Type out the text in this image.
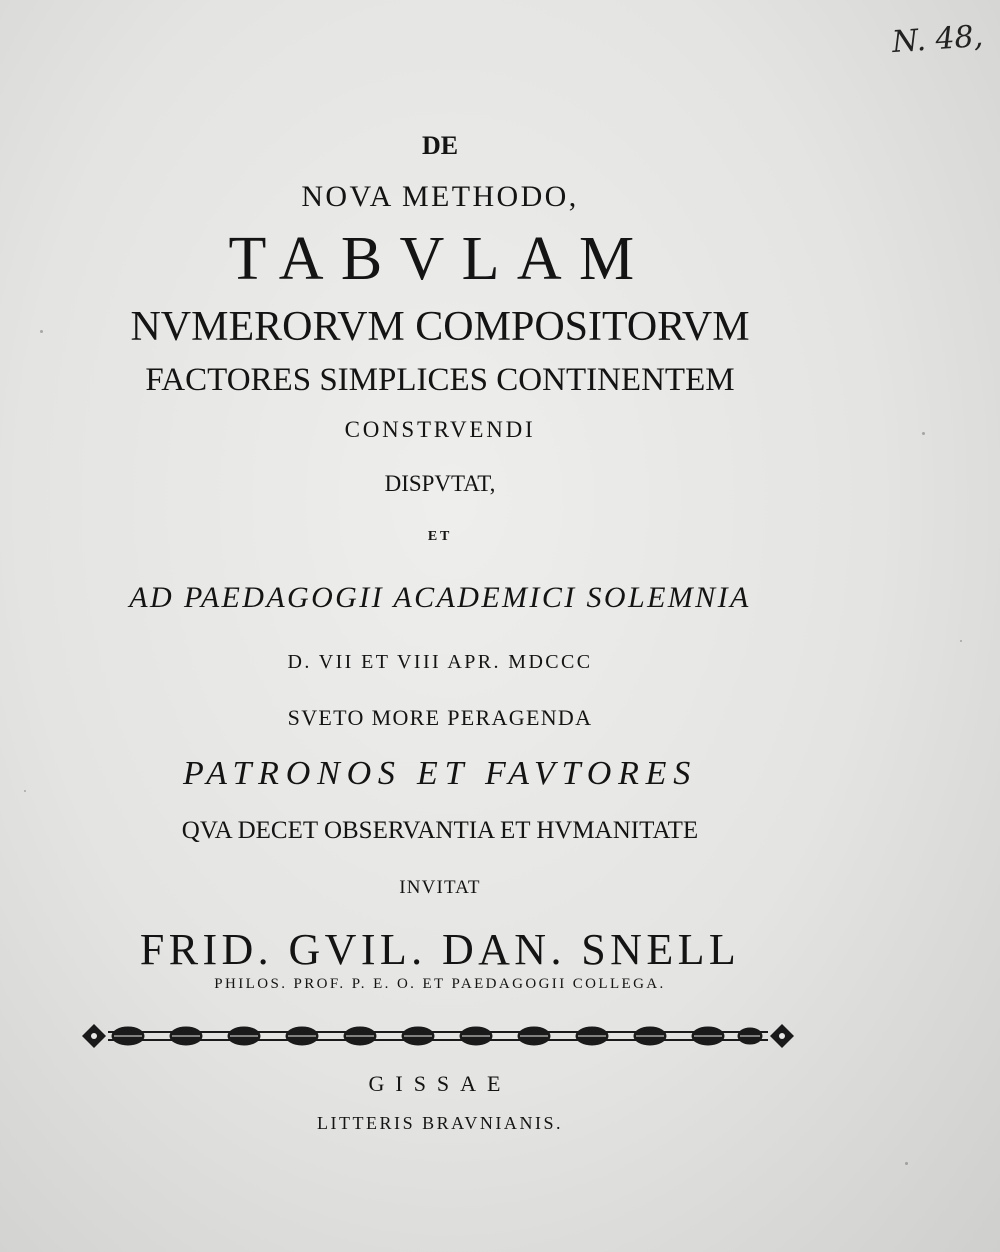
N. 48,
DE
NOVA METHODO,
TABVLAM
NVMERORVM COMPOSITORVM
FACTORES SIMPLICES CONTINENTEM
CONSTRVENDI
DISPVTAT,
ET
AD PAEDAGOGII ACADEMICI SOLEMNIA
D. VII ET VIII APR. MDCCC
SVETO MORE PERAGENDA
PATRONOS ET FAVTORES
QVA DECET OBSERVANTIA ET HVMANITATE
INVITAT
FRID. GVIL. DAN. SNELL
PHILOS. PROF. P. E. O. ET PAEDAGOGII COLLEGA.
GISSAE
LITTERIS BRAVNIANIS.
